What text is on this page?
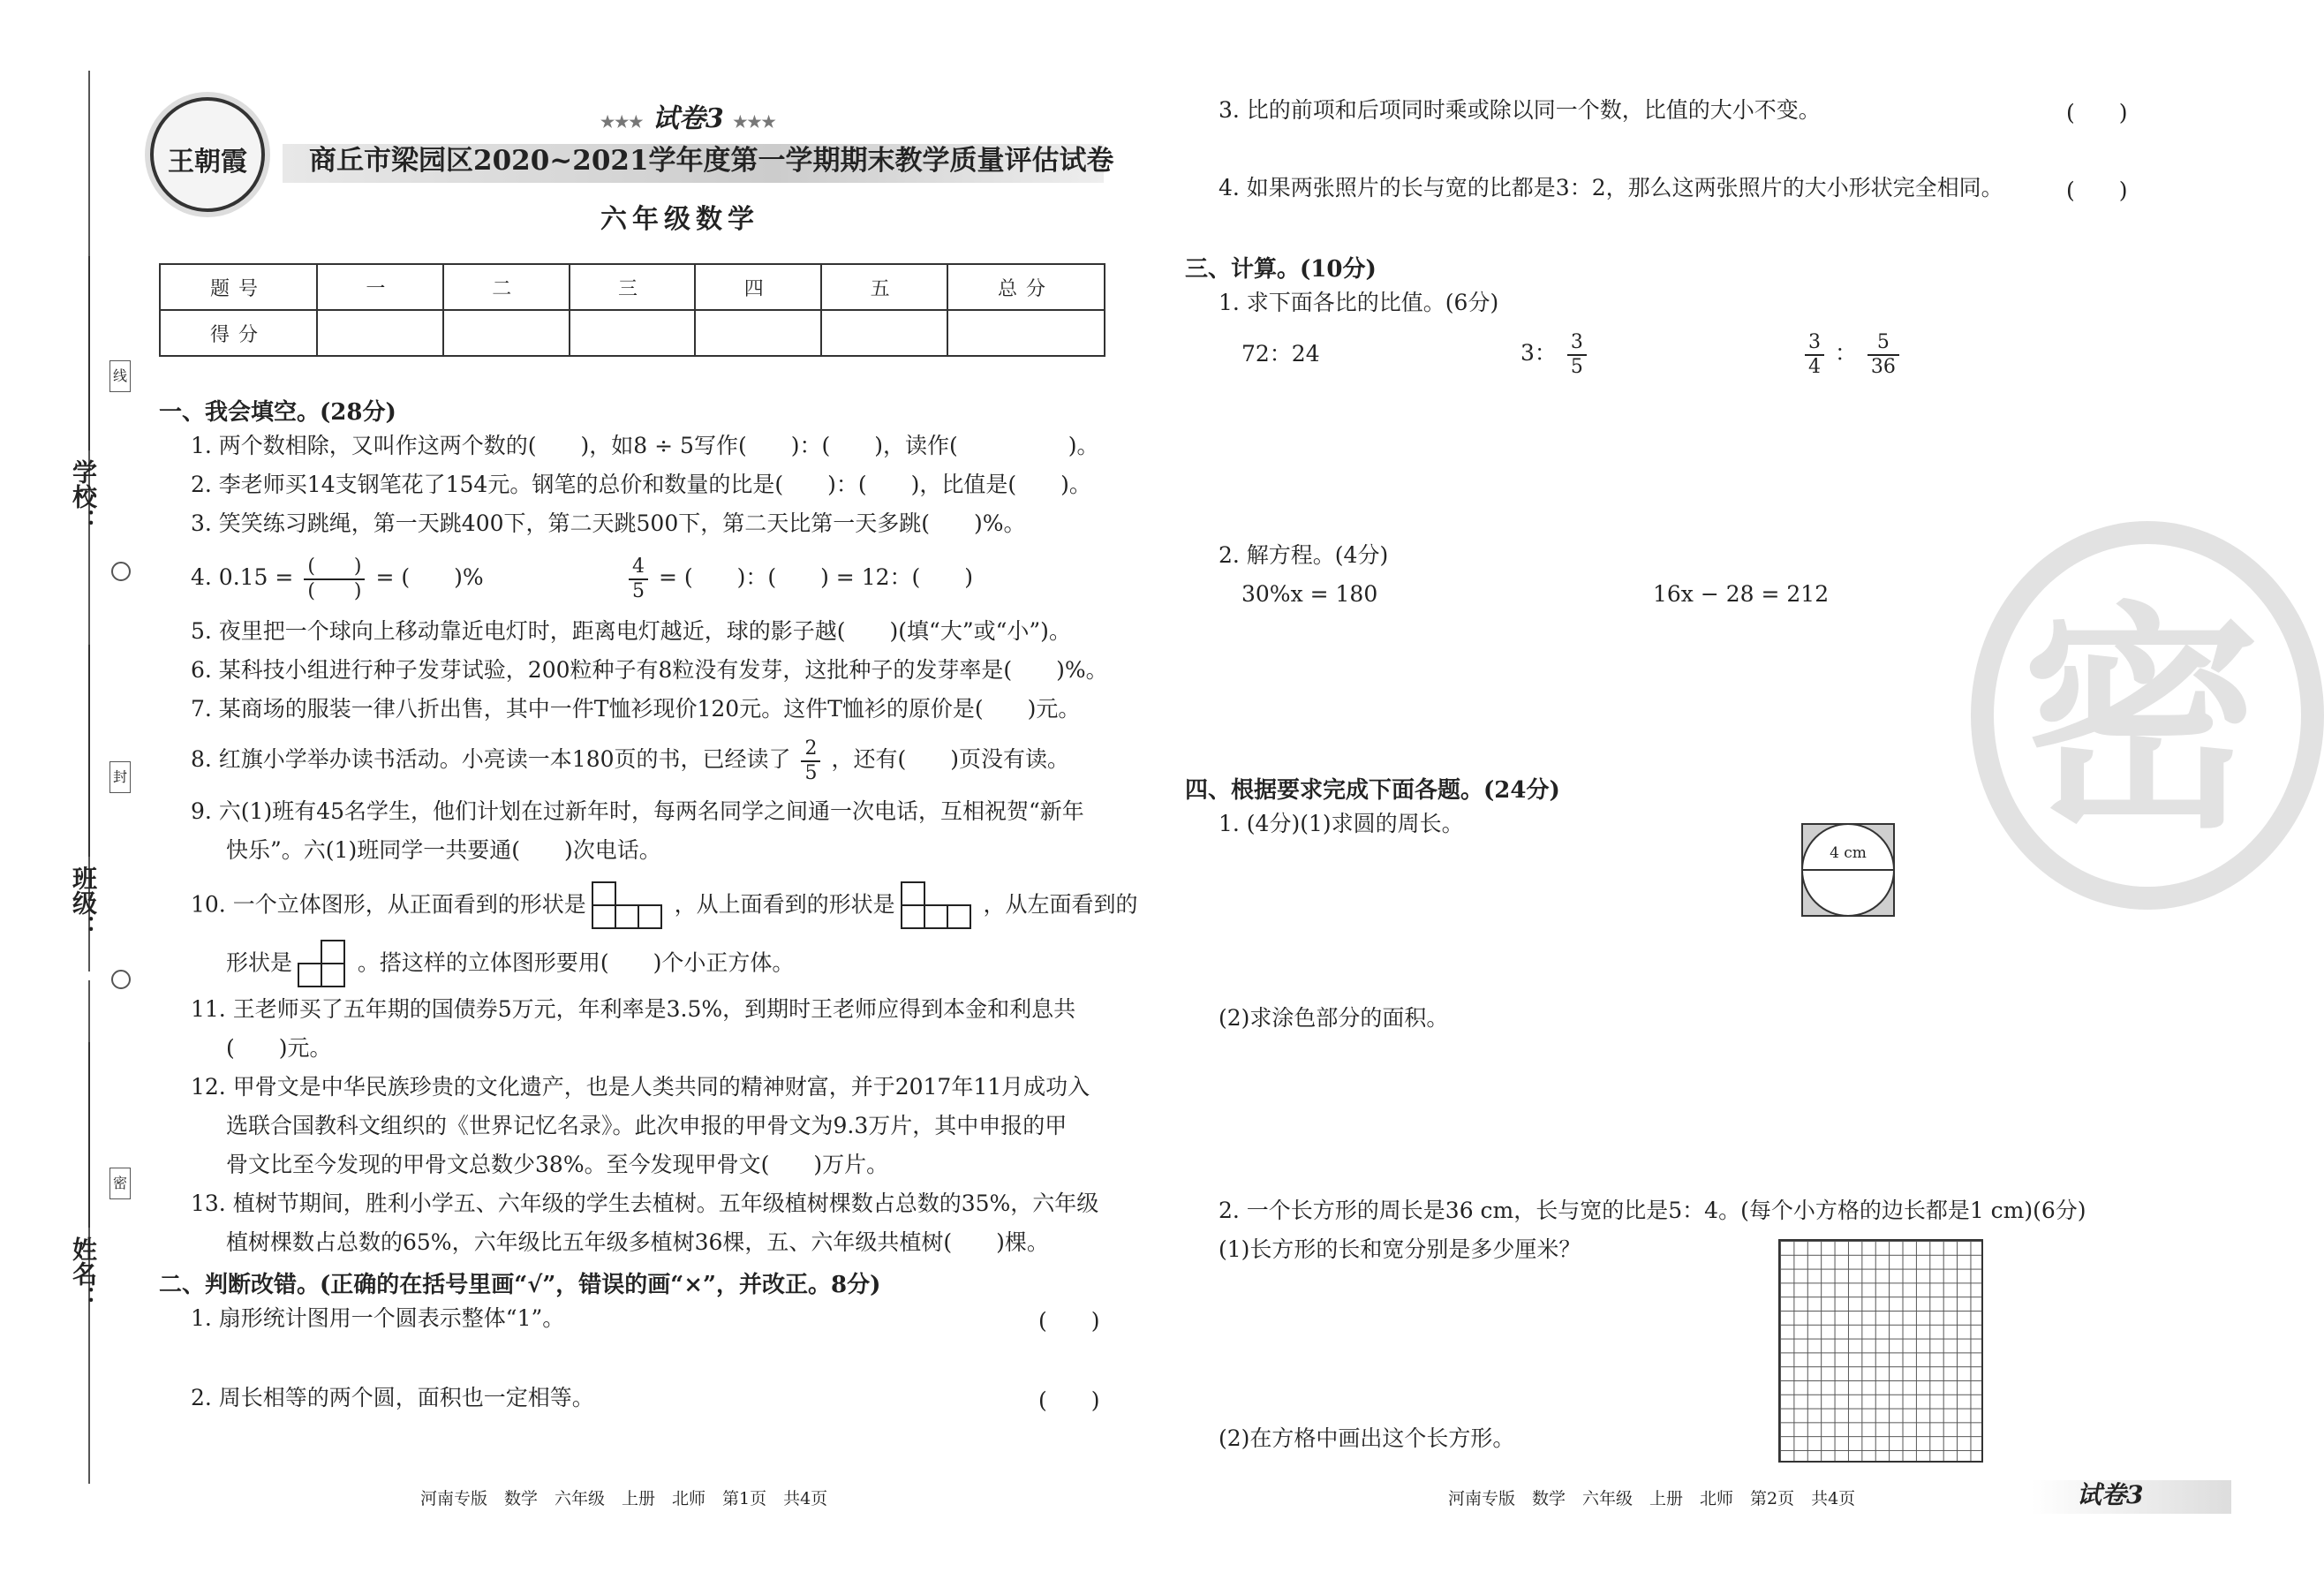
线
封
密
学校：
班级：
姓名：
王朝霞
★★★ 试卷3 ★★★
商丘市梁园区2020~2021学年度第一学期期末教学质量评估试卷
六年级数学
题号	一	二	三	四	五	总分
得分						
一、我会填空。(28分)
1. 两个数相除，又叫作这两个数的(　　)，如8 ÷ 5写作(　　)：(　　)，读作(　　　　　)。
2. 李老师买14支钢笔花了154元。钢笔的总价和数量的比是(　　)：(　　)，比值是(　　)。
3. 笑笑练习跳绳，第一天跳400下，第二天跳500下，第二天比第一天多跳(　　)%。
4. $0.15 = \frac{( )}{( )}$ = (　　)%	$\frac{4}{5}$ = (　　)：(　　) = 12：(　　)
5. 夜里把一个球向上移动靠近电灯时，距离电灯越近，球的影子越(　　)(填“大”或“小”)。
6. 某科技小组进行种子发芽试验，200粒种子有8粒没有发芽，这批种子的发芽率是(　　)%。
7. 某商场的服装一律八折出售，其中一件T恤衫现价120元。这件T恤衫的原价是(　　)元。
8. 红旗小学举办读书活动。小亮读一本180页的书，已经读了 $\frac{2}{5}$ ，还有(　　)页没有读。
9. 六(1)班有45名学生，他们计划在过新年时，每两名同学之间通一次电话，互相祝贺“新年
快乐”。六(1)班同学一共要通(　　)次电话。
10. 一个立体图形，从正面看到的形状是	，从上面看到的形状是	，从左面看到的
形状是	。搭这样的立体图形要用(　　)个小正方体。
11. 王老师买了五年期的国债券5万元，年利率是3.5%，到期时王老师应得到本金和利息共
(　　)元。
12. 甲骨文是中华民族珍贵的文化遗产，也是人类共同的精神财富，并于2017年11月成功入
选联合国教科文组织的《世界记忆名录》。此次申报的甲骨文为9.3万片，其中申报的甲
骨文比至今发现的甲骨文总数少38%。至今发现甲骨文(　　)万片。
13. 植树节期间，胜利小学五、六年级的学生去植树。五年级植树棵数占总数的35%，六年级
植树棵数占总数的65%，六年级比五年级多植树36棵，五、六年级共植树(　　)棵。
二、判断改错。(正确的在括号里画“√”，错误的画“×”，并改正。8分)
1. 扇形统计图用一个圆表示整体“1”。	(　　)
2. 周长相等的两个圆，面积也一定相等。	(　　)
3. 比的前项和后项同时乘或除以同一个数，比值的大小不变。	(　　)
4. 如果两张照片的长与宽的比都是3：2，那么这两张照片的大小形状完全相同。	(　　)
三、计算。(10分)
1. 求下面各比的比值。(6分)
72：24	3： $\frac{3}{5}$	$\frac{3}{4}$ ： $\frac{5}{36}$
2. 解方程。(4分)
30%x = 180	16x − 28 = 212 密
四、根据要求完成下面各题。(24分)
1. (4分)(1)求圆的周长。
4 cm
(2)求涂色部分的面积。
2. 一个长方形的周长是36 cm，长与宽的比是5：4。(每个小方格的边长都是1 cm)(6分)
(1)长方形的长和宽分别是多少厘米？
(2)在方格中画出这个长方形。
河南专版　数学　六年级　上册　北师　第1页　共4页	河南专版　数学　六年级　上册　北师　第2页　共4页	试卷3
